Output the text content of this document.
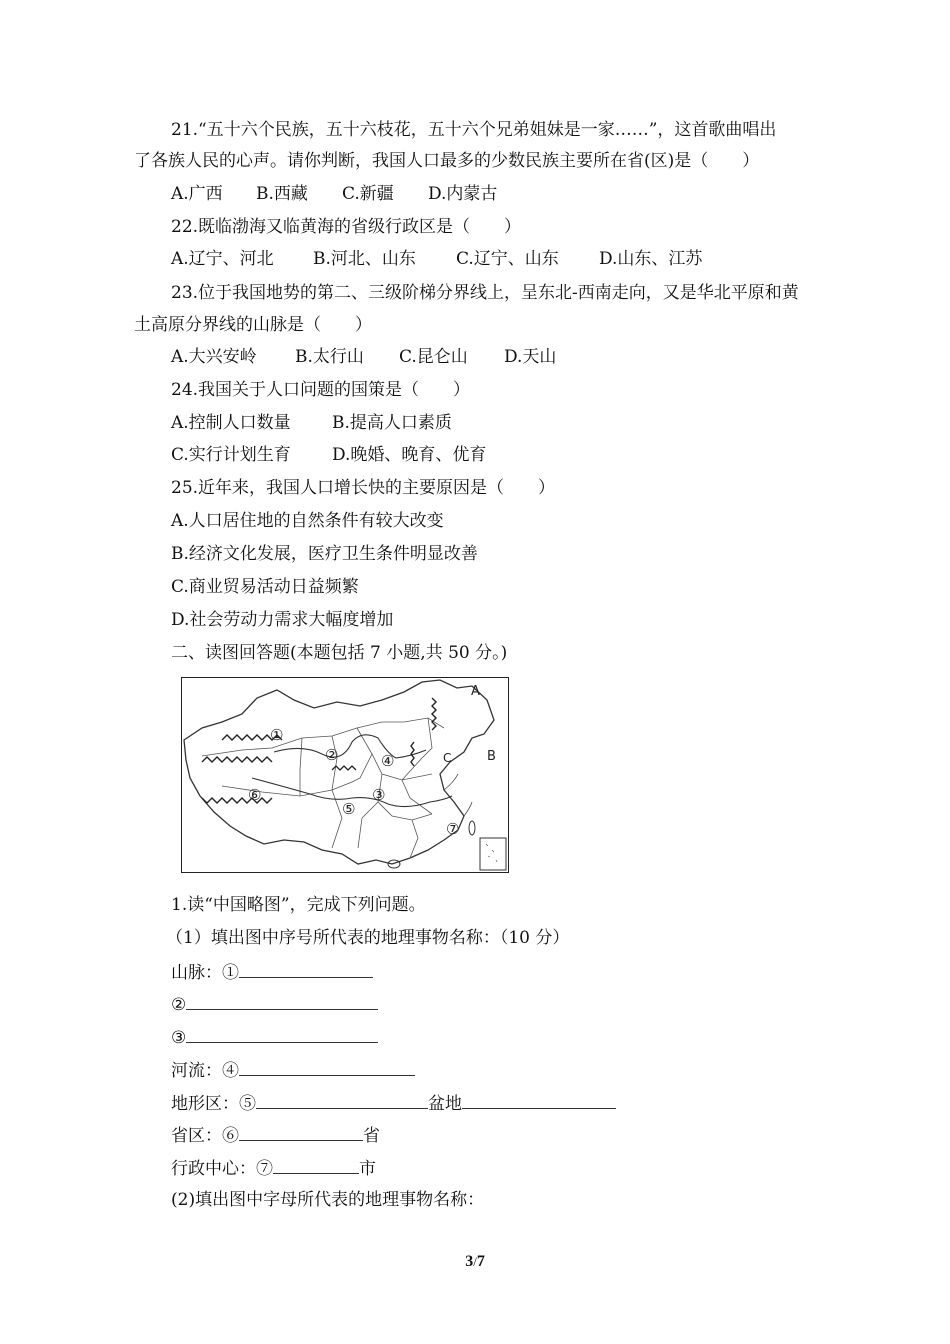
21.“五十六个民族，五十六枝花，五十六个兄弟姐妹是一家……”，这首歌曲唱出
了各族人民的心声。请你判断，我国人口最多的少数民族主要所在省(区)是（　　）
A.广西 B.西藏 C.新疆 D.内蒙古
22.既临渤海又临黄海的省级行政区是（　　）
A.辽宁、河北 B.河北、山东 C.辽宁、山东 D.山东、江苏
23.位于我国地势的第二、三级阶梯分界线上，呈东北-西南走向，又是华北平原和黄
土高原分界线的山脉是（　　）
A.大兴安岭 B.太行山 C.昆仑山 D.天山
24.我国关于人口问题的国策是（　　）
A.控制人口数量 B.提高人口素质
C.实行计划生育 D.晚婚、晚育、优育
25.近年来，我国人口增长快的主要原因是（　　）
A.人口居住地的自然条件有较大改变
B.经济文化发展，医疗卫生条件明显改善
C.商业贸易活动日益频繁
D.社会劳动力需求大幅度增加
二、读图回答题(本题包括 7 小题,共 50 分。)
①
②
③
④
⑤
⑥
⑦
A
B
C
1.读“中国略图”，完成下列问题。
（1）填出图中序号所代表的地理事物名称：（10 分）
山脉：①
②
③
河流：④
地形区：⑤	盆地
省区：⑥	省
行政中心：⑦	市
(2)填出图中字母所代表的地理事物名称：
3/7
